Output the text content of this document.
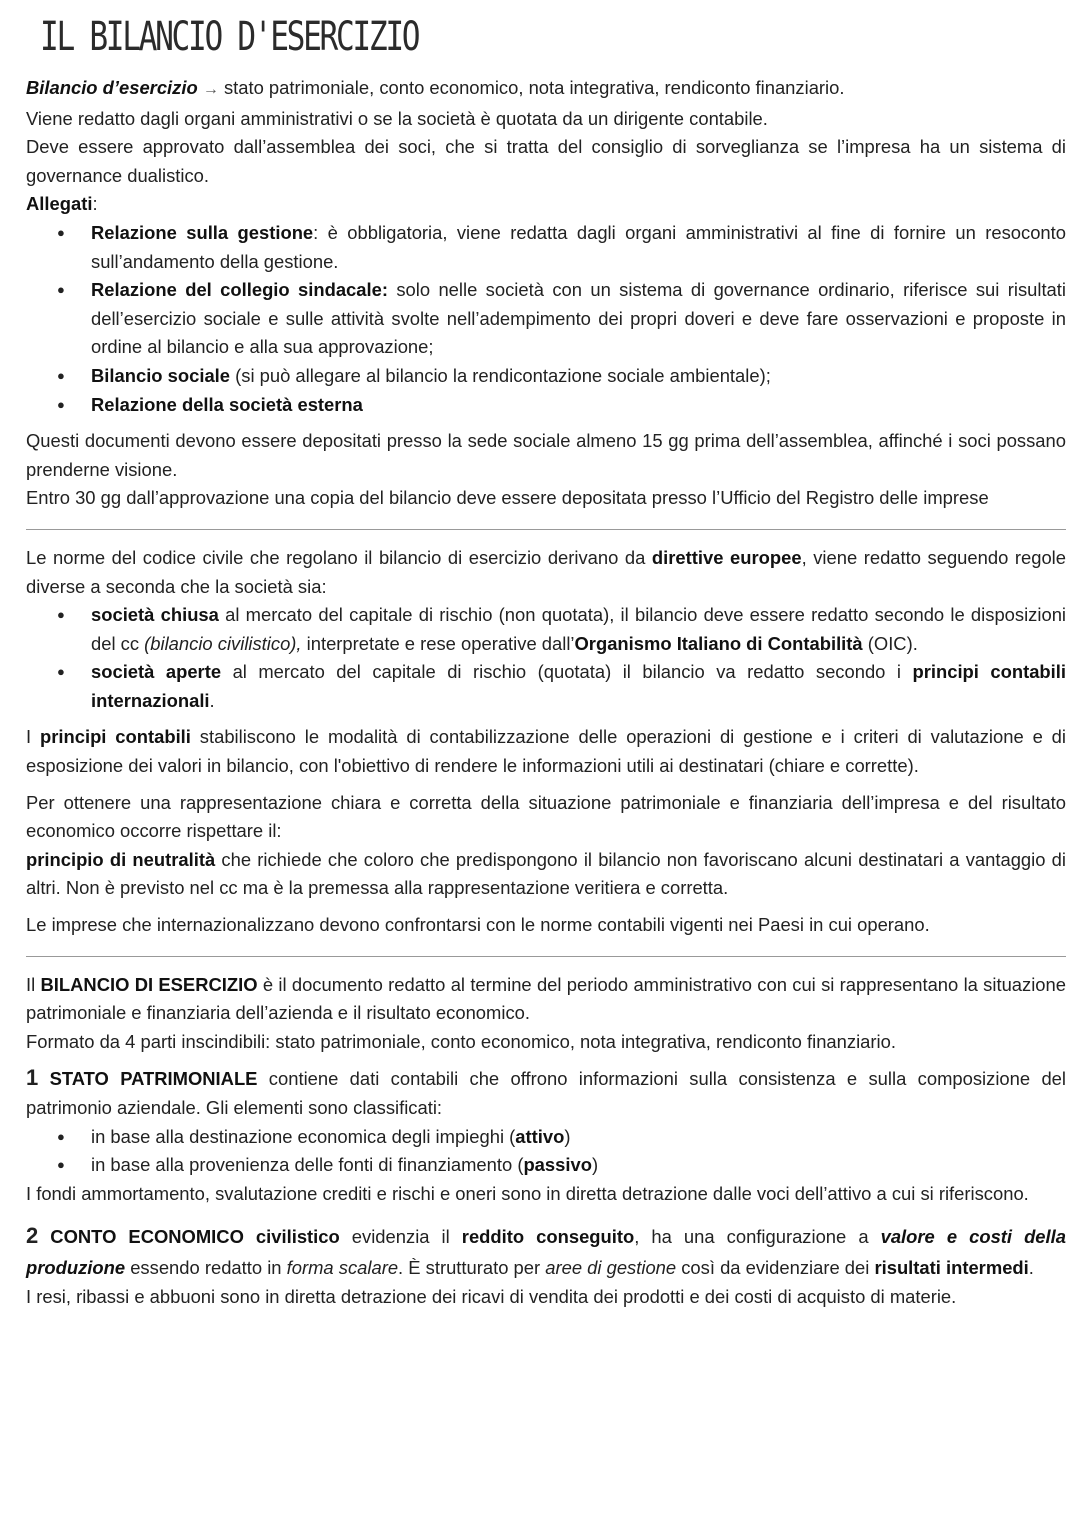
IL BILANCIO D'ESERCIZIO

Bilancio d’esercizio → stato patrimoniale, conto economico, nota integrativa, rendiconto finanziario.

Viene redatto dagli organi amministrativi o se la società è quotata da un dirigente contabile.

Deve essere approvato dall’assemblea dei soci, che si tratta del consiglio di sorveglianza se l’impresa ha un sistema di governance dualistico.

Allegati:

● Relazione sulla gestione: è obbligatoria, viene redatta dagli organi amministrativi al fine di fornire un resoconto sull’andamento della gestione.
● Relazione del collegio sindacale: solo nelle società con un sistema di governance ordinario, riferisce sui risultati dell’esercizio sociale e sulle attività svolte nell’adempimento dei propri doveri e deve fare osservazioni e proposte in ordine al bilancio e alla sua approvazione;
● Bilancio sociale (si può allegare al bilancio la rendicontazione sociale ambientale);
● Relazione della società esterna

Questi documenti devono essere depositati presso la sede sociale almeno 15 gg prima dell’assemblea, affinché i soci possano prenderne visione.

Entro 30 gg dall’approvazione una copia del bilancio deve essere depositata presso l’Ufficio del Registro delle imprese

Le norme del codice civile che regolano il bilancio di esercizio derivano da direttive europee, viene redatto seguendo regole diverse a seconda che la società sia:

● società chiusa al mercato del capitale di rischio (non quotata), il bilancio deve essere redatto secondo le disposizioni del cc (bilancio civilistico), interpretate e rese operative dall’Organismo Italiano di Contabilità (OIC).
● società aperte al mercato del capitale di rischio (quotata) il bilancio va redatto secondo i principi contabili internazionali.

I principi contabili stabiliscono le modalità di contabilizzazione delle operazioni di gestione e i criteri di valutazione e di esposizione dei valori in bilancio, con l'obiettivo di rendere le informazioni utili ai destinatari (chiare e corrette).

Per ottenere una rappresentazione chiara e corretta della situazione patrimoniale e finanziaria dell’impresa e del risultato economico occorre rispettare il:

principio di neutralità che richiede che coloro che predispongono il bilancio non favoriscano alcuni destinatari a vantaggio di altri. Non è previsto nel cc ma è la premessa alla rappresentazione veritiera e corretta.

Le imprese che internazionalizzano devono confrontarsi con le norme contabili vigenti nei Paesi in cui operano.

Il BILANCIO DI ESERCIZIO è il documento redatto al termine del periodo amministrativo con cui si rappresentano la situazione patrimoniale e finanziaria dell’azienda e il risultato economico.

Formato da 4 parti inscindibili: stato patrimoniale, conto economico, nota integrativa, rendiconto finanziario.

1 STATO PATRIMONIALE contiene dati contabili che offrono informazioni sulla consistenza e sulla composizione del patrimonio aziendale. Gli elementi sono classificati:

● in base alla destinazione economica degli impieghi (attivo)
● in base alla provenienza delle fonti di finanziamento (passivo)

I fondi ammortamento, svalutazione crediti e rischi e oneri sono in diretta detrazione dalle voci dell’attivo a cui si riferiscono.

2 CONTO ECONOMICO civilistico evidenzia il reddito conseguito, ha una configurazione a valore e costi della produzione essendo redatto in forma scalare. È strutturato per aree di gestione così da evidenziare dei risultati intermedi.

I resi, ribassi e abbuoni sono in diretta detrazione dei ricavi di vendita dei prodotti e dei costi di acquisto di materie.
